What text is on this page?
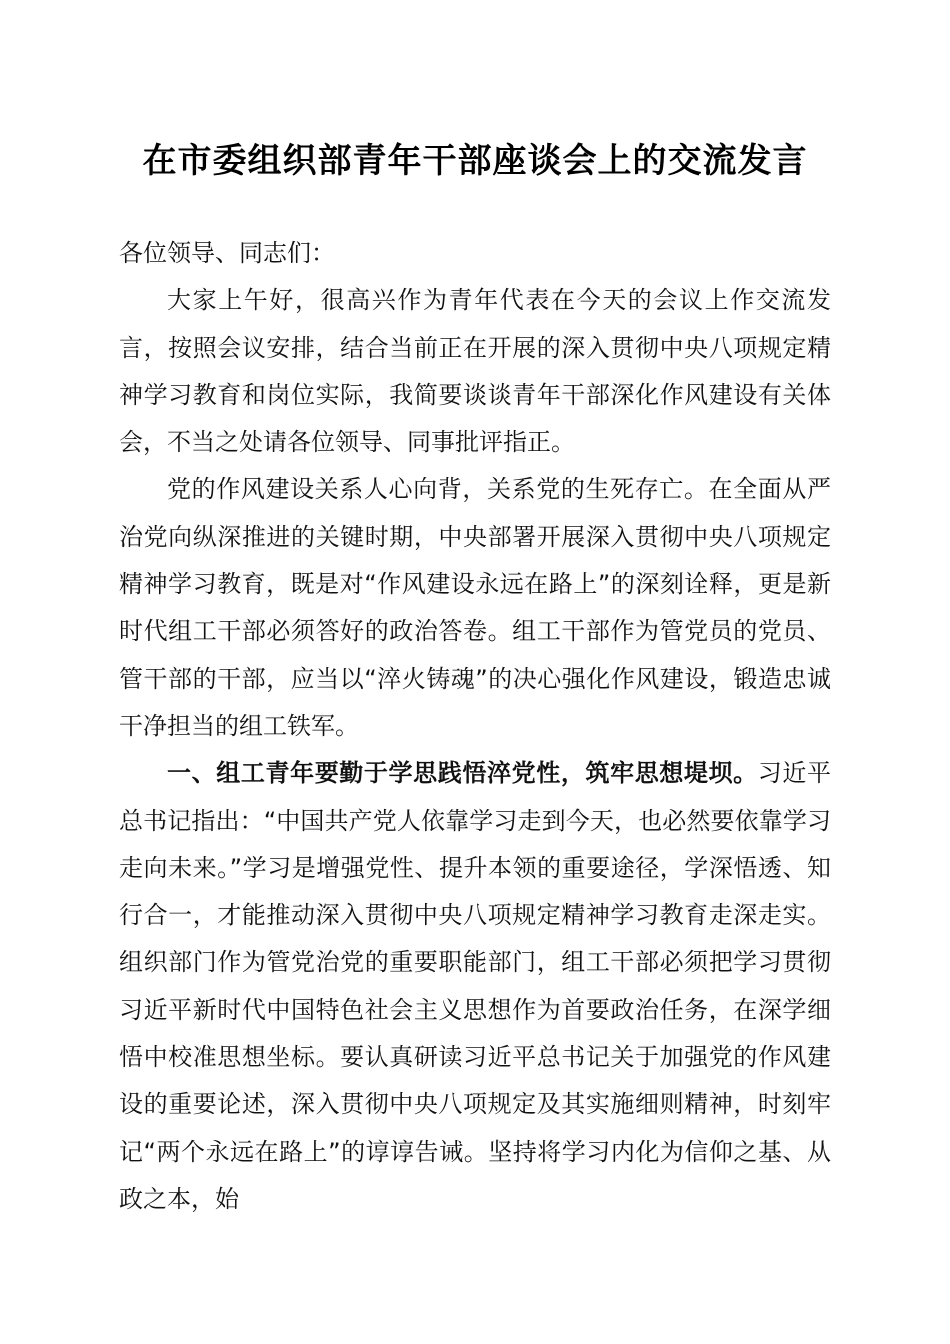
在市委组织部青年干部座谈会上的交流发言

各位领导、同志们：

大家上午好，很高兴作为青年代表在今天的会议上作交流发言，按照会议安排，结合当前正在开展的深入贯彻中央八项规定精神学习教育和岗位实际，我简要谈谈青年干部深化作风建设有关体会，不当之处请各位领导、同事批评指正。

党的作风建设关系人心向背，关系党的生死存亡。在全面从严治党向纵深推进的关键时期，中央部署开展深入贯彻中央八项规定精神学习教育，既是对“作风建设永远在路上”的深刻诠释，更是新时代组工干部必须答好的政治答卷。组工干部作为管党员的党员、管干部的干部，应当以“淬火铸魂”的决心强化作风建设，锻造忠诚干净担当的组工铁军。

一、组工青年要勤于学思践悟淬党性，筑牢思想堤坝。习近平总书记指出：“中国共产党人依靠学习走到今天，也必然要依靠学习走向未来。”学习是增强党性、提升本领的重要途径，学深悟透、知行合一，才能推动深入贯彻中央八项规定精神学习教育走深走实。组织部门作为管党治党的重要职能部门，组工干部必须把学习贯彻习近平新时代中国特色社会主义思想作为首要政治任务，在深学细悟中校准思想坐标。要认真研读习近平总书记关于加强党的作风建设的重要论述，深入贯彻中央八项规定及其实施细则精神，时刻牢记“两个永远在路上”的谆谆告诫。坚持将学习内化为信仰之基、从政之本，始
